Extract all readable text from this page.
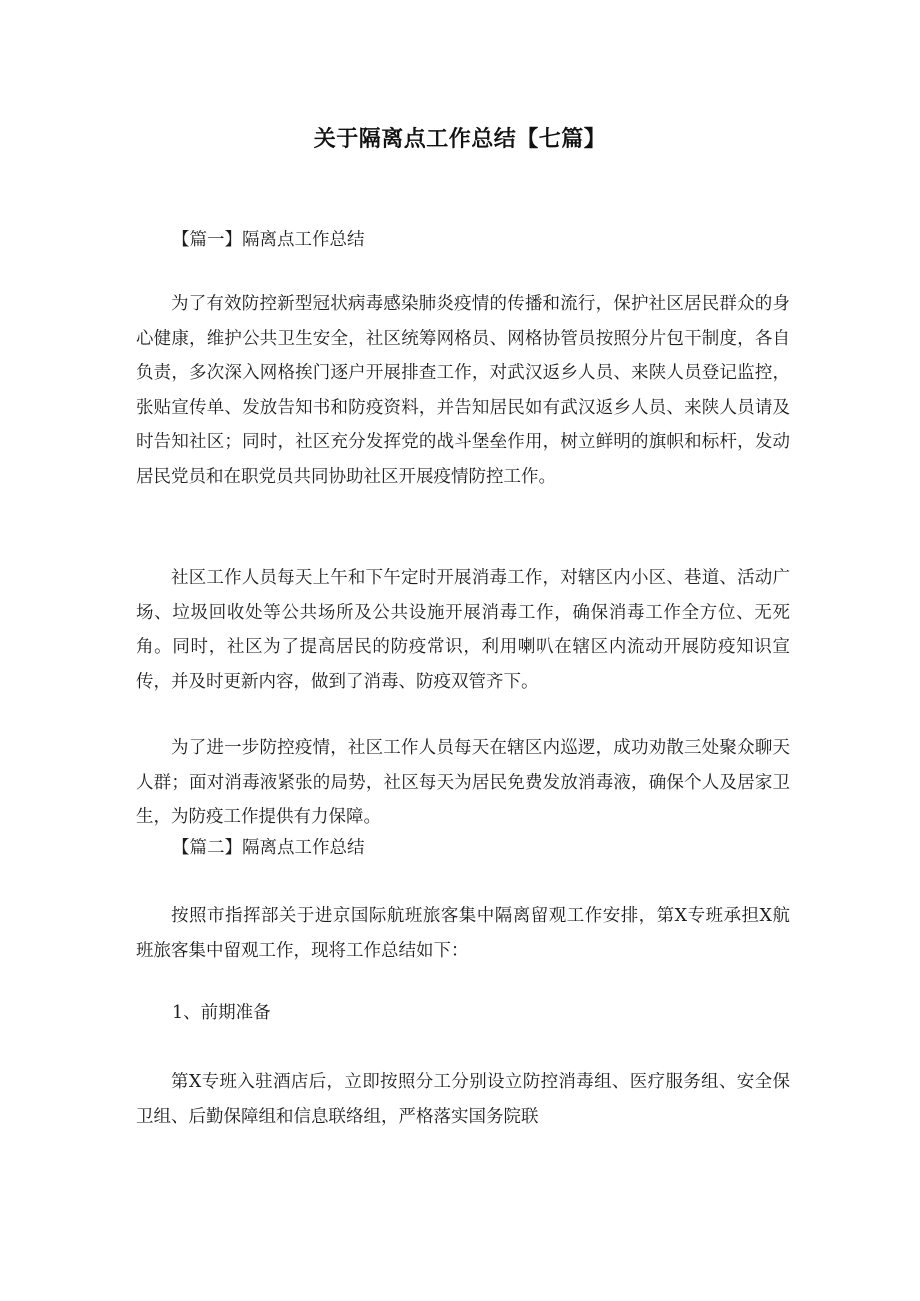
关于隔离点工作总结【七篇】

【篇一】隔离点工作总结

为了有效防控新型冠状病毒感染肺炎疫情的传播和流行，保护社区居民群众的身心健康，维护公共卫生安全，社区统筹网格员、网格协管员按照分片包干制度，各自负责，多次深入网格挨门逐户开展排查工作，对武汉返乡人员、来陕人员登记监控，张贴宣传单、发放告知书和防疫资料，并告知居民如有武汉返乡人员、来陕人员请及时告知社区；同时，社区充分发挥党的战斗堡垒作用，树立鲜明的旗帜和标杆，发动居民党员和在职党员共同协助社区开展疫情防控工作。

社区工作人员每天上午和下午定时开展消毒工作，对辖区内小区、巷道、活动广场、垃圾回收处等公共场所及公共设施开展消毒工作，确保消毒工作全方位、无死角。同时，社区为了提高居民的防疫常识，利用喇叭在辖区内流动开展防疫知识宣传，并及时更新内容，做到了消毒、防疫双管齐下。

为了进一步防控疫情，社区工作人员每天在辖区内巡逻，成功劝散三处聚众聊天人群；面对消毒液紧张的局势，社区每天为居民免费发放消毒液，确保个人及居家卫生，为防疫工作提供有力保障。

【篇二】隔离点工作总结

按照市指挥部关于进京国际航班旅客集中隔离留观工作安排，第X专班承担X航班旅客集中留观工作，现将工作总结如下：

1、前期准备

第X专班入驻酒店后，立即按照分工分别设立防控消毒组、医疗服务组、安全保卫组、后勤保障组和信息联络组，严格落实国务院联
